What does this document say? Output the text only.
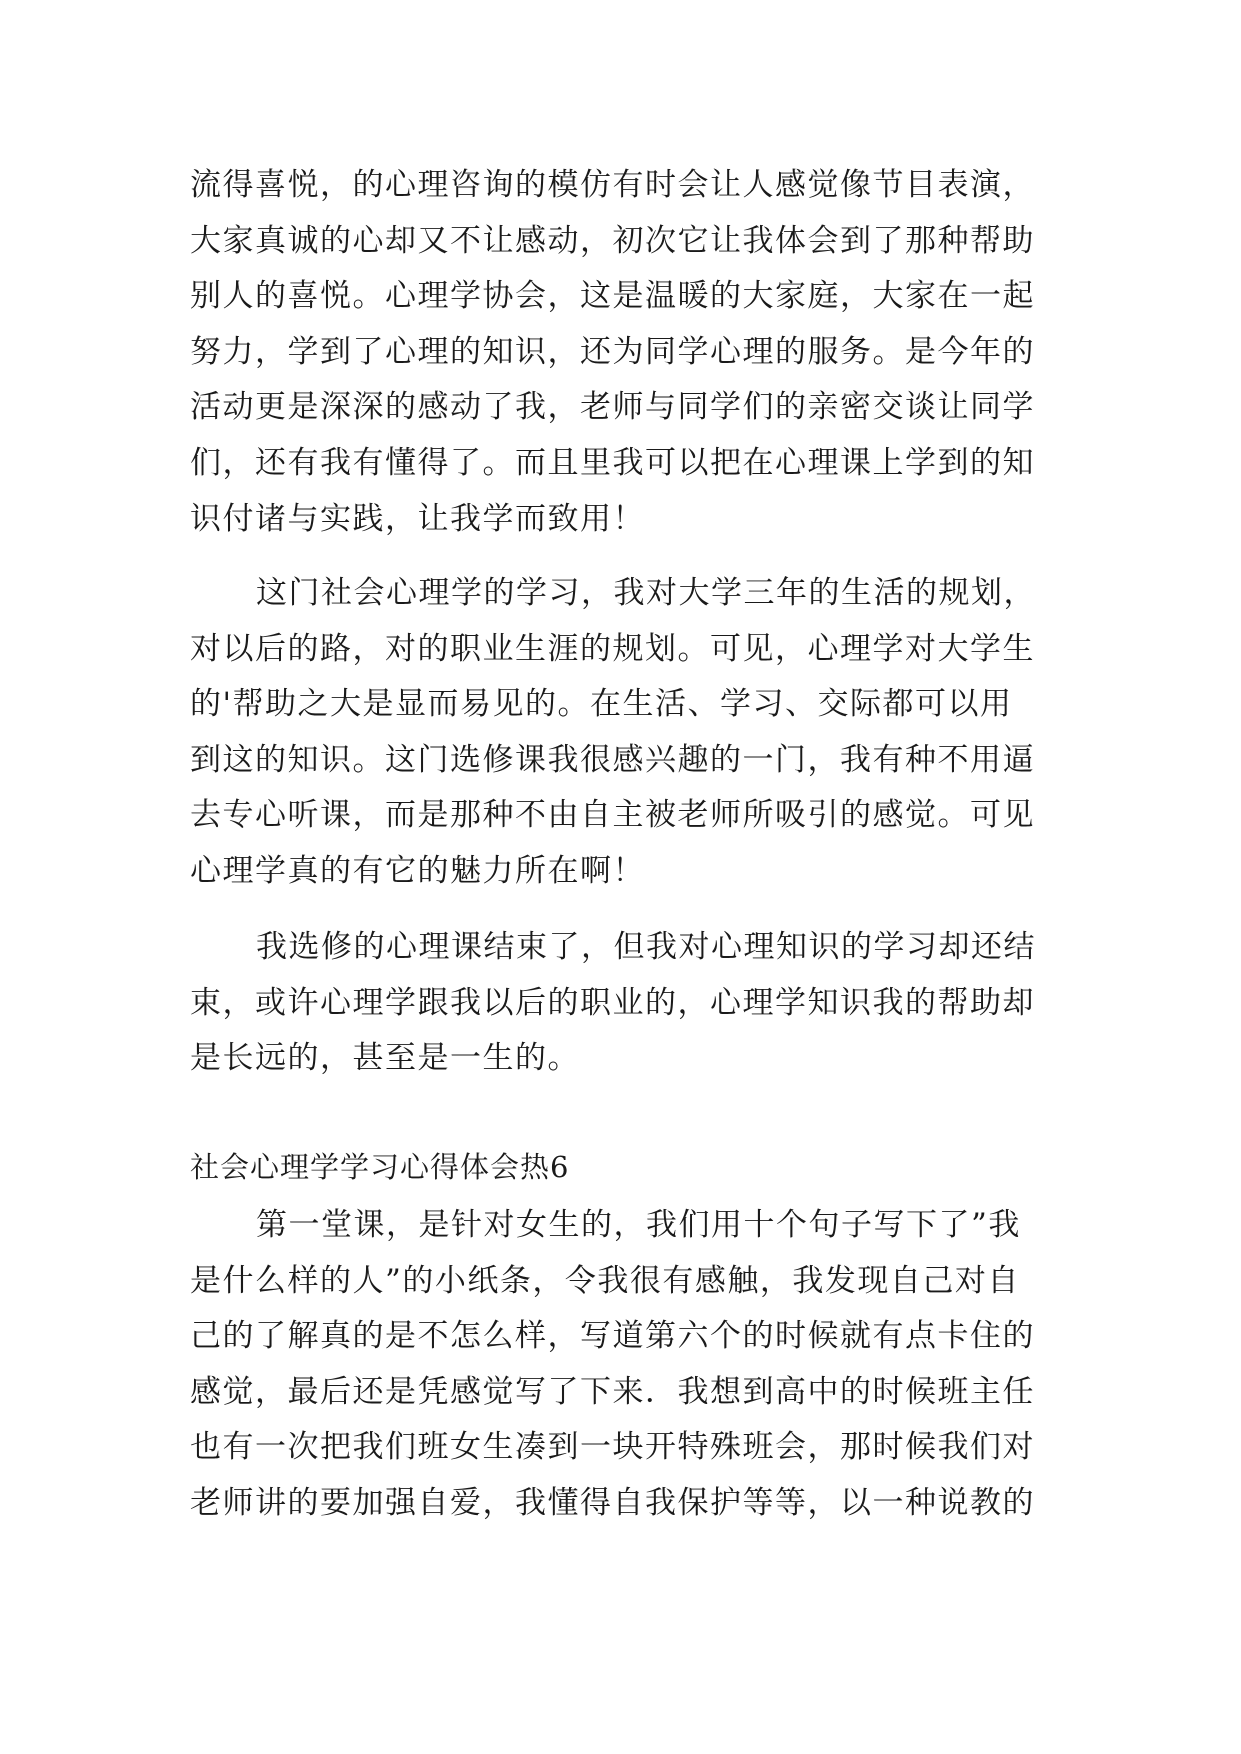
流得喜悦，的心理咨询的模仿有时会让人感觉像节目表演，
大家真诚的心却又不让感动，初次它让我体会到了那种帮助
别人的喜悦。心理学协会，这是温暖的大家庭，大家在一起
努力，学到了心理的知识，还为同学心理的服务。是今年的
活动更是深深的感动了我，老师与同学们的亲密交谈让同学
们，还有我有懂得了。而且里我可以把在心理课上学到的知
识付诸与实践，让我学而致用！
这门社会心理学的学习，我对大学三年的生活的规划，
对以后的路，对的职业生涯的规划。可见，心理学对大学生
的'帮助之大是显而易见的。在生活、学习、交际都可以用
到这的知识。这门选修课我很感兴趣的一门，我有种不用逼
去专心听课，而是那种不由自主被老师所吸引的感觉。可见
心理学真的有它的魅力所在啊！
我选修的心理课结束了，但我对心理知识的学习却还结
束，或许心理学跟我以后的职业的，心理学知识我的帮助却
是长远的，甚至是一生的。
社会心理学学习心得体会热6
第一堂课，是针对女生的，我们用十个句子写下了”我
是什么样的人”的小纸条，令我很有感触，我发现自己对自
己的了解真的是不怎么样，写道第六个的时候就有点卡住的
感觉，最后还是凭感觉写了下来．我想到高中的时候班主任
也有一次把我们班女生凑到一块开特殊班会，那时候我们对
老师讲的要加强自爱，我懂得自我保护等等，以一种说教的
